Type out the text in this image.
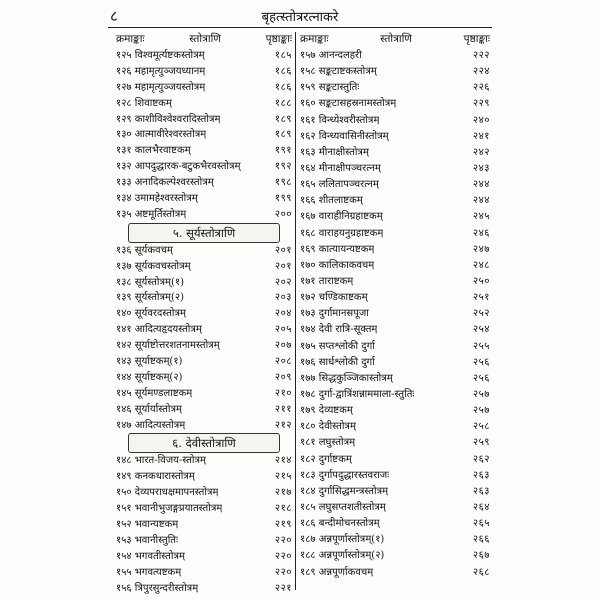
८	बृहत्स्तोत्ररत्नाकरे
क्रमाङ्काः	स्तोत्राणि	पृष्ठाङ्काः
१२५ विश्वमूर्त्यष्टकस्तोत्रम्	१८५
१२६ महामृत्युञ्जयध्यानम्	१८६
१२७ महामृत्युञ्जयस्तोत्रम्	१८६
१२८ शिवाष्टकम्	१८८
१२९ काशीविश्वेश्वरादिस्तोत्रम्	१८९
१३० आत्मावीरेश्वरस्तोत्रम्	१८९
१३१ कालभैरवाष्टकम्	१९१
१३२ आपदुद्धारक-बटुकभैरवस्तोत्रम्	१९२
१३३ अनादिकल्पेश्वरस्तोत्रम्	१९८
१३४ उमामहेश्वरस्तोत्रम्	१९९
१३५ अष्टमूर्तिस्तोत्रम्	२००
५. सूर्यस्तोत्राणि
१३६ सूर्यकवचम्	२०१
१३७ सूर्यकवचस्तोत्रम्	२०१
१३८ सूर्यस्तोत्रम्(१)	२०२
१३९ सूर्यस्तोत्रम्(२)	२०३
१४० सूर्यवरदस्तोत्रम्	२०४
१४१ आदित्यहृदयस्तोत्रम्	२०५
१४२ सूर्याष्टोत्तरशतनामस्तोत्रम्	२०७
१४३ सूर्याष्टकम्(१)	२०८
१४४ सूर्याष्टकम्(२)	२०९
१४५ सूर्यमण्डलाष्टकम्	२१०
१४६ सूर्यार्यास्तोत्रम्	२११
१४७ आदित्यस्तोत्रम्	२१२
६. देवीस्तोत्राणि
१४८ भारत-विजय-स्तोत्रम्	२१४
१४९ कनकधारास्तोत्रम्	२१५
१५० देव्यपराधक्षमापनस्तोत्रम्	२१७
१५१ भवानीभुजङ्गप्रयातस्तोत्रम्	२१८
१५२ भवान्यष्टकम्	२१९
१५३ भवानीस्तुतिः	२२०
१५४ भगवतीस्तोत्रम्	२२०
१५५ भगवत्यष्टकम्	२२०
१५६ त्रिपुरसुन्दरीस्तोत्रम्	२२१
क्रमाङ्काः	स्तोत्राणि	पृष्ठाङ्काः
१५७ आनन्दलहरी	२२२
१५८ सङ्कटाष्टकस्तोत्रम्	२२४
१५९ सङ्कटास्तुतिः	२२६
१६० सङ्कटासहस्रनामस्तोत्रम्	२२९
१६१ विन्ध्येश्वरीस्तोत्रम्	२४०
१६२ विन्ध्यवासिनीस्तोत्रम्	२४१
१६३ मीनाक्षीस्तोत्रम्	२४२
१६४ मीनाक्षीपञ्चरत्नम्	२४३
१६५ ललितापञ्चरत्नम्	२४४
१६६ शीतलाष्टकम्	२४४
१६७ वाराहीनिग्रहाष्टकम्	२४५
१६८ वाराहयनुग्रहाष्टकम्	२४६
१६९ कात्यायन्यष्टकम्	२४७
१७० कालिकाकवचम्	२४८
१७१ ताराष्टकम्	२५०
१७२ चण्डिकाष्टकम्	२५१
१७३ दुर्गामानसपूजा	२५२
१७४ देवी रात्रि-सूक्तम्	२५४
१७५ सप्तश्लोकी दुर्गा	२५५
१७६ सार्धश्लोकी दुर्गा	२५६
१७७ सिद्धकुञ्जिकास्तोत्रम्	२५६
१७८ दुर्गा-द्वात्रिंशन्नाममाला-स्तुतिः	२५७
१७९ देव्यष्टकम्	२५७
१८० देवीस्तोत्रम्	२५८
१८१ लघुस्तोत्रम्	२५९
१८२ दुर्गाष्टकम्	२६२
१८३ दुर्गापदुद्धारस्तवराजः	२६३
१८४ दुर्गासिद्धमन्त्रस्तोत्रम्	२६३
१८५ लघुसप्तशतीस्तोत्रम्	२६४
१८६ बन्दीमोचनस्तोत्रम्	२६५
१८७ अन्नपूर्णास्तोत्रम्(१)	२६६
१८८ अन्नपूर्णास्तोत्रम्(२)	२६७
१८९ अन्नपूर्णाकवचम्	२६८
